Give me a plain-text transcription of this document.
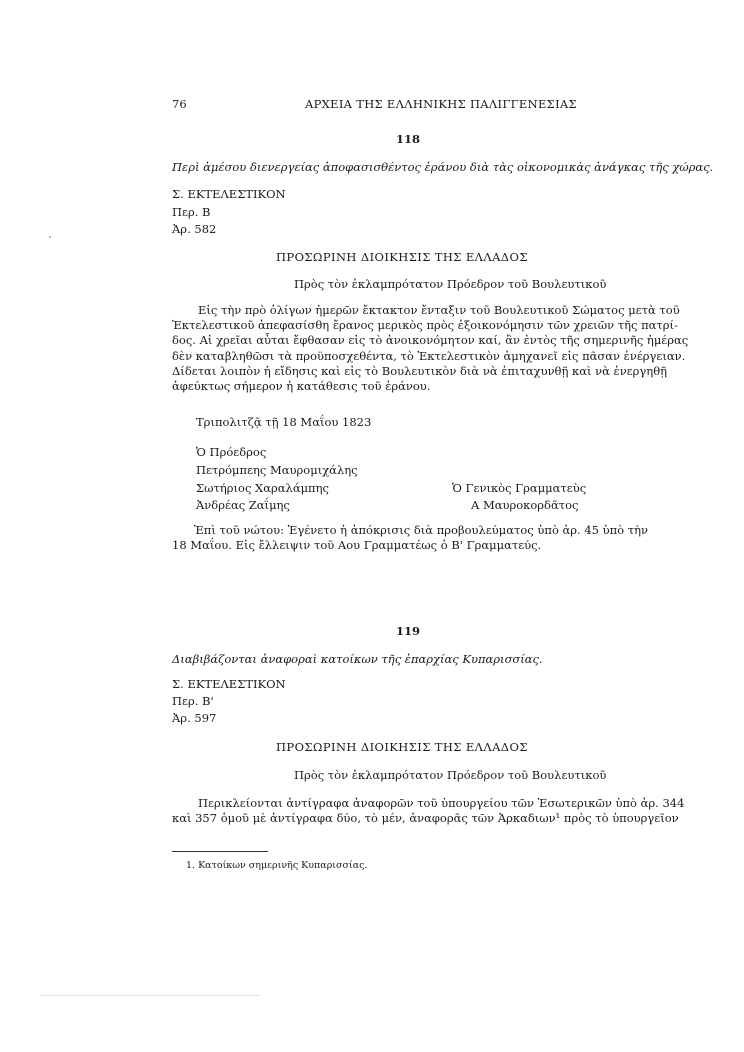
76	ΑΡΧΕΙΑ ΤΗΣ ΕΛΛΗΝΙΚΗΣ ΠΑΛΙΓΓΕΝΕΣΙΑΣ
118
Περὶ ἀμέσου διενεργείας ἀποφασισθέντος ἐράνου διὰ τὰς οἰκονομικὰς ἀνάγκας τῆς χώρας.
Σ. ΕΚΤΕΛΕΣΤΙΚΟΝ
Περ. Β
Ἀρ. 582
ΠΡΟΣΩΡΙΝΗ ΔΙΟΙΚΗΣΙΣ ΤΗΣ ΕΛΛΑΔΟΣ
Πρὸς τὸν ἐκλαμπρότατον Πρόεδρον τοῦ Βουλευτικοῦ
Εἰς τὴν πρὸ ὀλίγων ἡμερῶν ἔκτακτον ἔνταξιν τοῦ Βουλευτικοῦ Σώματος μετὰ τοῦ
Ἐκτελεστικοῦ ἀπεφασίσθη ἔρανος μερικὸς πρὸς ἐξοικονόμησιν τῶν χρειῶν τῆς πατρί-
δος. Αἱ χρεῖαι αὗται ἔφθασαν εἰς τὸ ἀνοικονόμητον καί, ἂν ἐντὸς τῆς σημερινῆς ἡμέρας
δὲν καταβληθῶσι τὰ προϋποσχεθέντα, τὸ Ἐκτελεστικὸν ἀμηχανεῖ εἰς πᾶσαν ἐνέργειαν.
Δίδεται λοιπὸν ἡ εἴδησις καὶ εἰς τὸ Βουλευτικὸν διὰ νὰ ἐπιταχυνθῇ καὶ νὰ ἐνεργηθῇ
ἀφεύκτως σήμερον ἡ κατάθεσις τοῦ ἐράνου.
Τριπολιτζᾷ τῇ 18 Μαΐου 1823
Ὁ Πρόεδρος
Πετρόμπεης Μαυρομιχάλης
Σωτήριος Χαραλάμπης
Ἀνδρέας Ζαΐμης
Ὁ Γενικὸς Γραμματεὺς
Α Μαυροκορδᾶτος
Ἐπὶ τοῦ νώτου: Ἐγένετο ἡ ἀπόκρισις διὰ προβουλεύματος ὑπὸ ἀρ. 45 ὑπὸ τὴν
18 Μαΐου. Εἰς ἔλλειψιν τοῦ Αου Γραμματέως ὁ Β' Γραμματεύς.
119
Διαβιβάζονται ἀναφοραὶ κατοίκων τῆς ἐπαρχίας Κυπαρισσίας.
Σ. ΕΚΤΕΛΕΣΤΙΚΟΝ
Περ. Β'
Ἀρ. 597
ΠΡΟΣΩΡΙΝΗ ΔΙΟΙΚΗΣΙΣ ΤΗΣ ΕΛΛΑΔΟΣ
Πρὸς τὸν ἐκλαμπρότατον Πρόεδρον τοῦ Βουλευτικοῦ
Περικλείονται ἀντίγραφα ἀναφορῶν τοῦ ὑπουργείου τῶν Ἐσωτερικῶν ὑπὸ ἀρ. 344
καὶ 357 ὁμοῦ μὲ ἀντίγραφα δύο, τὸ μέν, ἀναφορᾶς τῶν Ἀρκαδιων¹ πρὸς τὸ ὑπουργεῖον
1. Κατοίκων σημερινῆς Κυπαρισσίας.
